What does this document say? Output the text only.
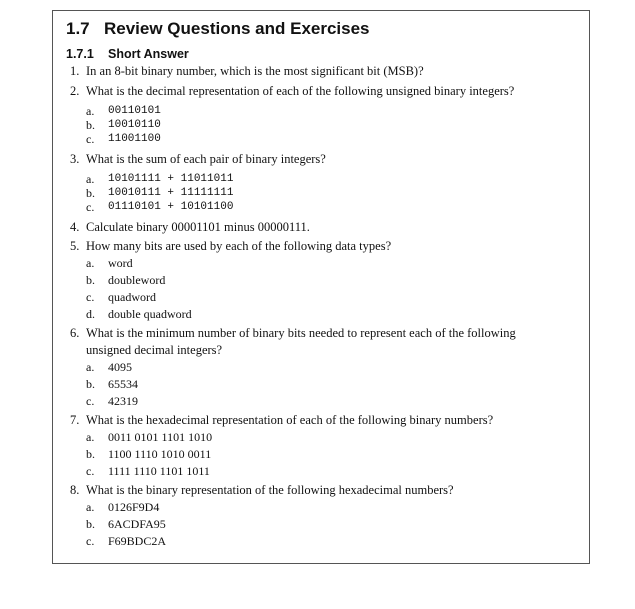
1.7 Review Questions and Exercises
1.7.1 Short Answer
1. In an 8-bit binary number, which is the most significant bit (MSB)?
2. What is the decimal representation of each of the following unsigned binary integers?
a. 00110101
b. 10010110
c. 11001100
3. What is the sum of each pair of binary integers?
a. 10101111 + 11011011
b. 10010111 + 11111111
c. 01110101 + 10101100
4. Calculate binary 00001101 minus 00000111.
5. How many bits are used by each of the following data types?
a. word
b. doubleword
c. quadword
d. double quadword
6. What is the minimum number of binary bits needed to represent each of the following
unsigned decimal integers?
a. 4095
b. 65534
c. 42319
7. What is the hexadecimal representation of each of the following binary numbers?
a. 0011 0101 1101 1010
b. 1100 1110 1010 0011
c. 1111 1110 1101 1011
8. What is the binary representation of the following hexadecimal numbers?
a. 0126F9D4
b. 6ACDFA95
c. F69BDC2A
